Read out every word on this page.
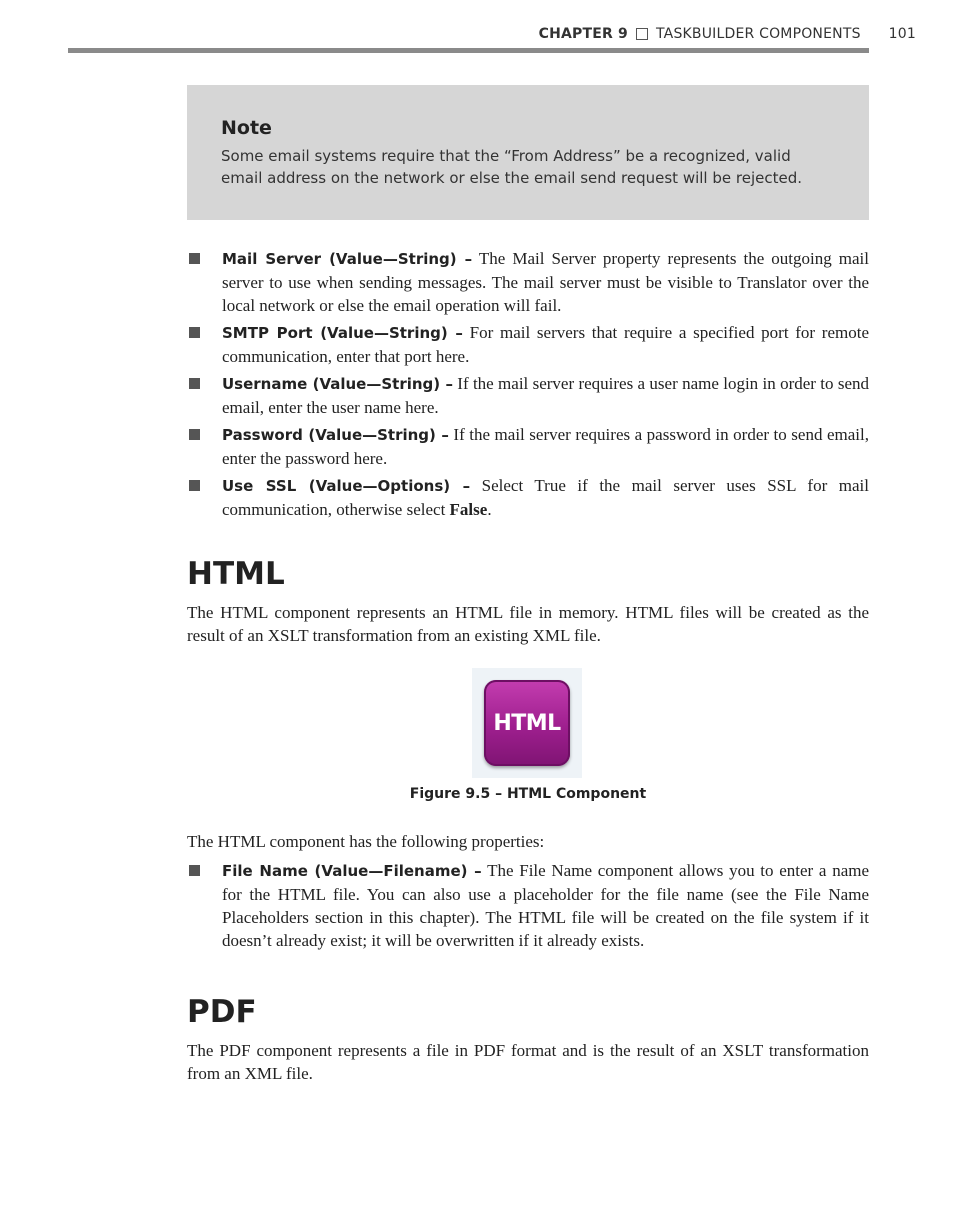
CHAPTER 9 TASKBUILDER COMPONENTS 101
Note

Some email systems require that the “From Address” be a recognized, valid email address on the network or else the email send request will be rejected.

Mail Server (Value—String) – The Mail Server property represents the outgoing mail server to use when sending messages. The mail server must be visible to Translator over the local network or else the email operation will fail.
SMTP Port (Value—String) – For mail servers that require a specified port for remote communication, enter that port here.
Username (Value—String) – If the mail server requires a user name login in order to send email, enter the user name here.
Password (Value—String) – If the mail server requires a password in order to send email, enter the password here.
Use SSL (Value—Options) – Select True if the mail server uses SSL for mail communication, otherwise select False.
HTML

The HTML component represents an HTML file in memory. HTML files will be created as the result of an XSLT transformation from an existing XML file.

HTML
Figure 9.5 – HTML Component

The HTML component has the following properties:

File Name (Value—Filename) – The File Name component allows you to enter a name for the HTML file. You can also use a placeholder for the file name (see the File Name Placeholders section in this chapter). The HTML file will be created on the file system if it doesn’t already exist; it will be overwritten if it already exists.
PDF

The PDF component represents a file in PDF format and is the result of an XSLT transformation from an XML file.
